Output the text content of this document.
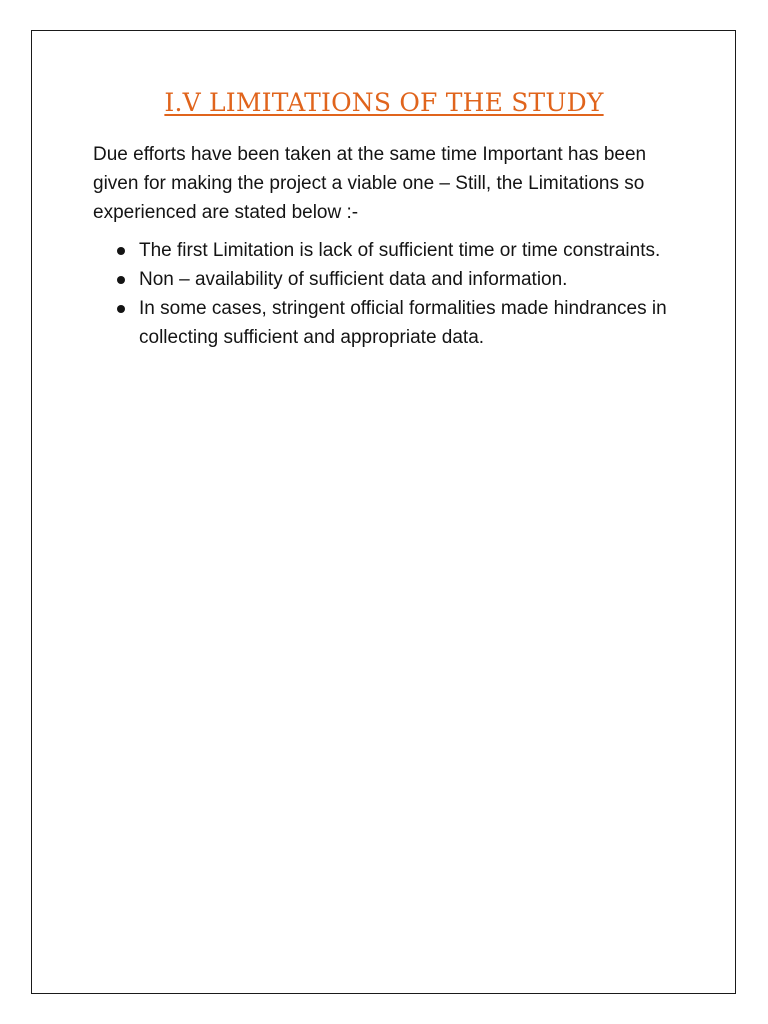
I.V LIMITATIONS OF THE STUDY
Due efforts have been taken at the same time Important has been given for making the project a viable one – Still, the Limitations so experienced are stated below :-
The first Limitation is lack of sufficient time or time constraints.
Non – availability of sufficient data and information.
In some cases, stringent official formalities made hindrances in collecting sufficient and appropriate data.
